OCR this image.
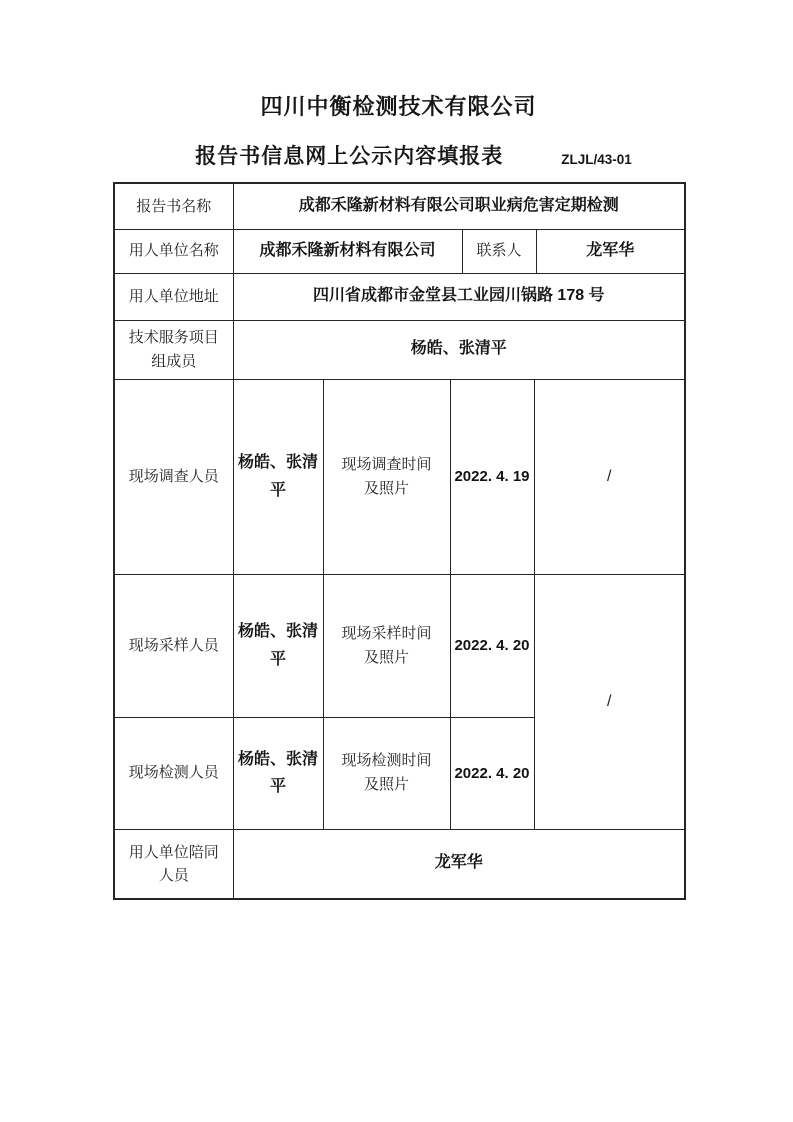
四川中衡检测技术有限公司
报告书信息网上公示内容填报表	ZLJL/43-01
报告书名称	成都禾隆新材料有限公司职业病危害定期检测					
用人单位名称	成都禾隆新材料有限公司			联系人		龙军华
用人单位地址	四川省成都市金堂县工业园川锅路 178 号					
技术服务项目组成员	杨皓、张清平					
现场调查人员	杨皓、张清平	现场调查时间及照片	2022. 4. 19		/	
现场采样人员	杨皓、张清平	现场采样时间及照片	2022. 4. 20		/	
现场检测人员	杨皓、张清平	现场检测时间及照片	2022. 4. 20			
用人单位陪同人员	龙军华					
